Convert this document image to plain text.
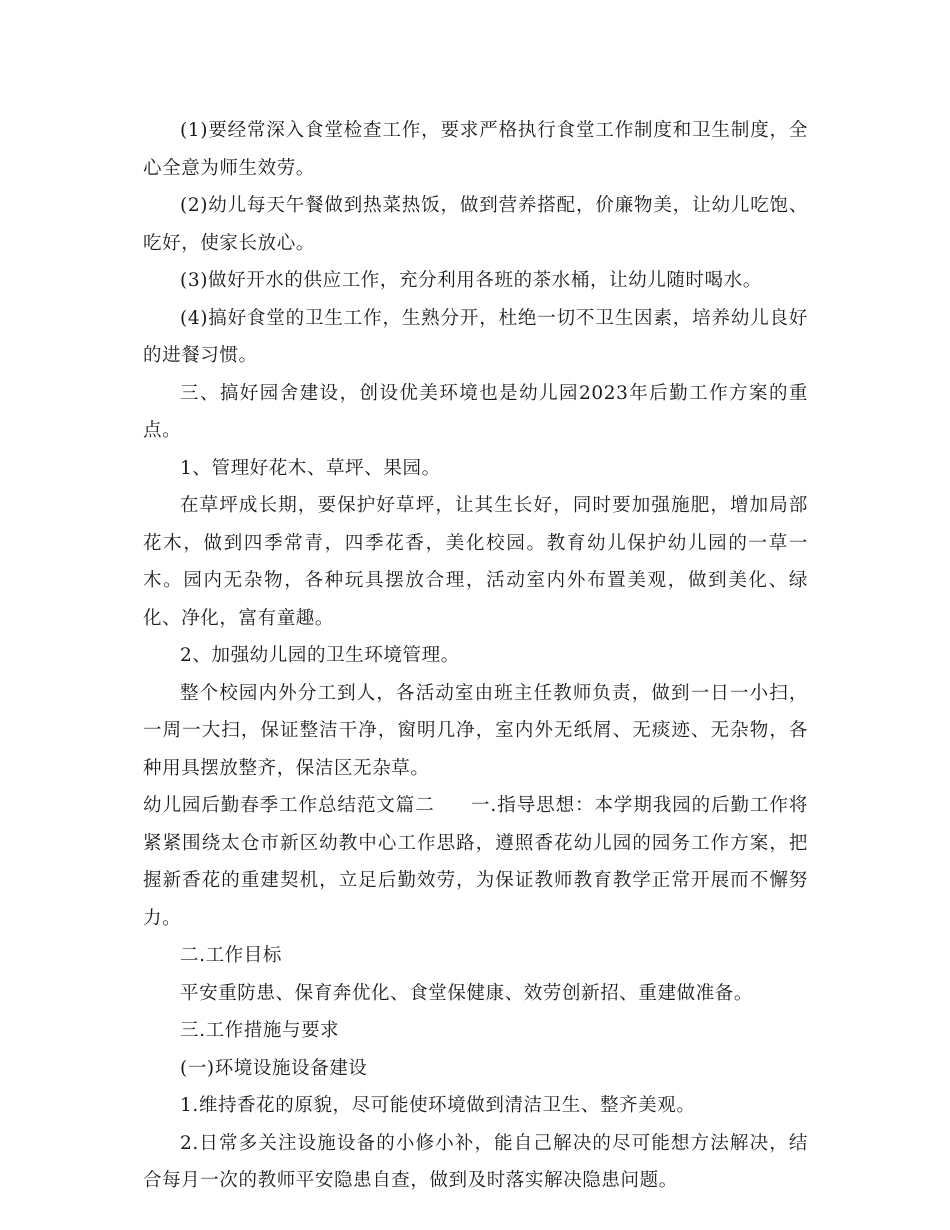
(1)要经常深入食堂检查工作，要求严格执行食堂工作制度和卫生制度，全心全意为师生效劳。

(2)幼儿每天午餐做到热菜热饭，做到营养搭配，价廉物美，让幼儿吃饱、吃好，使家长放心。

(3)做好开水的供应工作，充分利用各班的茶水桶，让幼儿随时喝水。

(4)搞好食堂的卫生工作，生熟分开，杜绝一切不卫生因素，培养幼儿良好的进餐习惯。

三、搞好园舍建设，创设优美环境也是幼儿园2023年后勤工作方案的重点。

1、管理好花木、草坪、果园。

在草坪成长期，要保护好草坪，让其生长好，同时要加强施肥，增加局部花木，做到四季常青，四季花香，美化校园。教育幼儿保护幼儿园的一草一木。园内无杂物，各种玩具摆放合理，活动室内外布置美观，做到美化、绿化、净化，富有童趣。

2、加强幼儿园的卫生环境管理。

整个校园内外分工到人，各活动室由班主任教师负责，做到一日一小扫，一周一大扫，保证整洁干净，窗明几净，室内外无纸屑、无痰迹、无杂物，各种用具摆放整齐，保洁区无杂草。

幼儿园后勤春季工作总结范文篇二 一.指导思想：本学期我园的后勤工作将紧紧围绕太仓市新区幼教中心工作思路，遵照香花幼儿园的园务工作方案，把握新香花的重建契机，立足后勤效劳，为保证教师教育教学正常开展而不懈努力。

二.工作目标

平安重防患、保育奔优化、食堂保健康、效劳创新招、重建做准备。

三.工作措施与要求

(一)环境设施设备建设

1.维持香花的原貌，尽可能使环境做到清洁卫生、整齐美观。

2.日常多关注设施设备的小修小补，能自己解决的尽可能想方法解决，结合每月一次的教师平安隐患自查，做到及时落实解决隐患问题。
